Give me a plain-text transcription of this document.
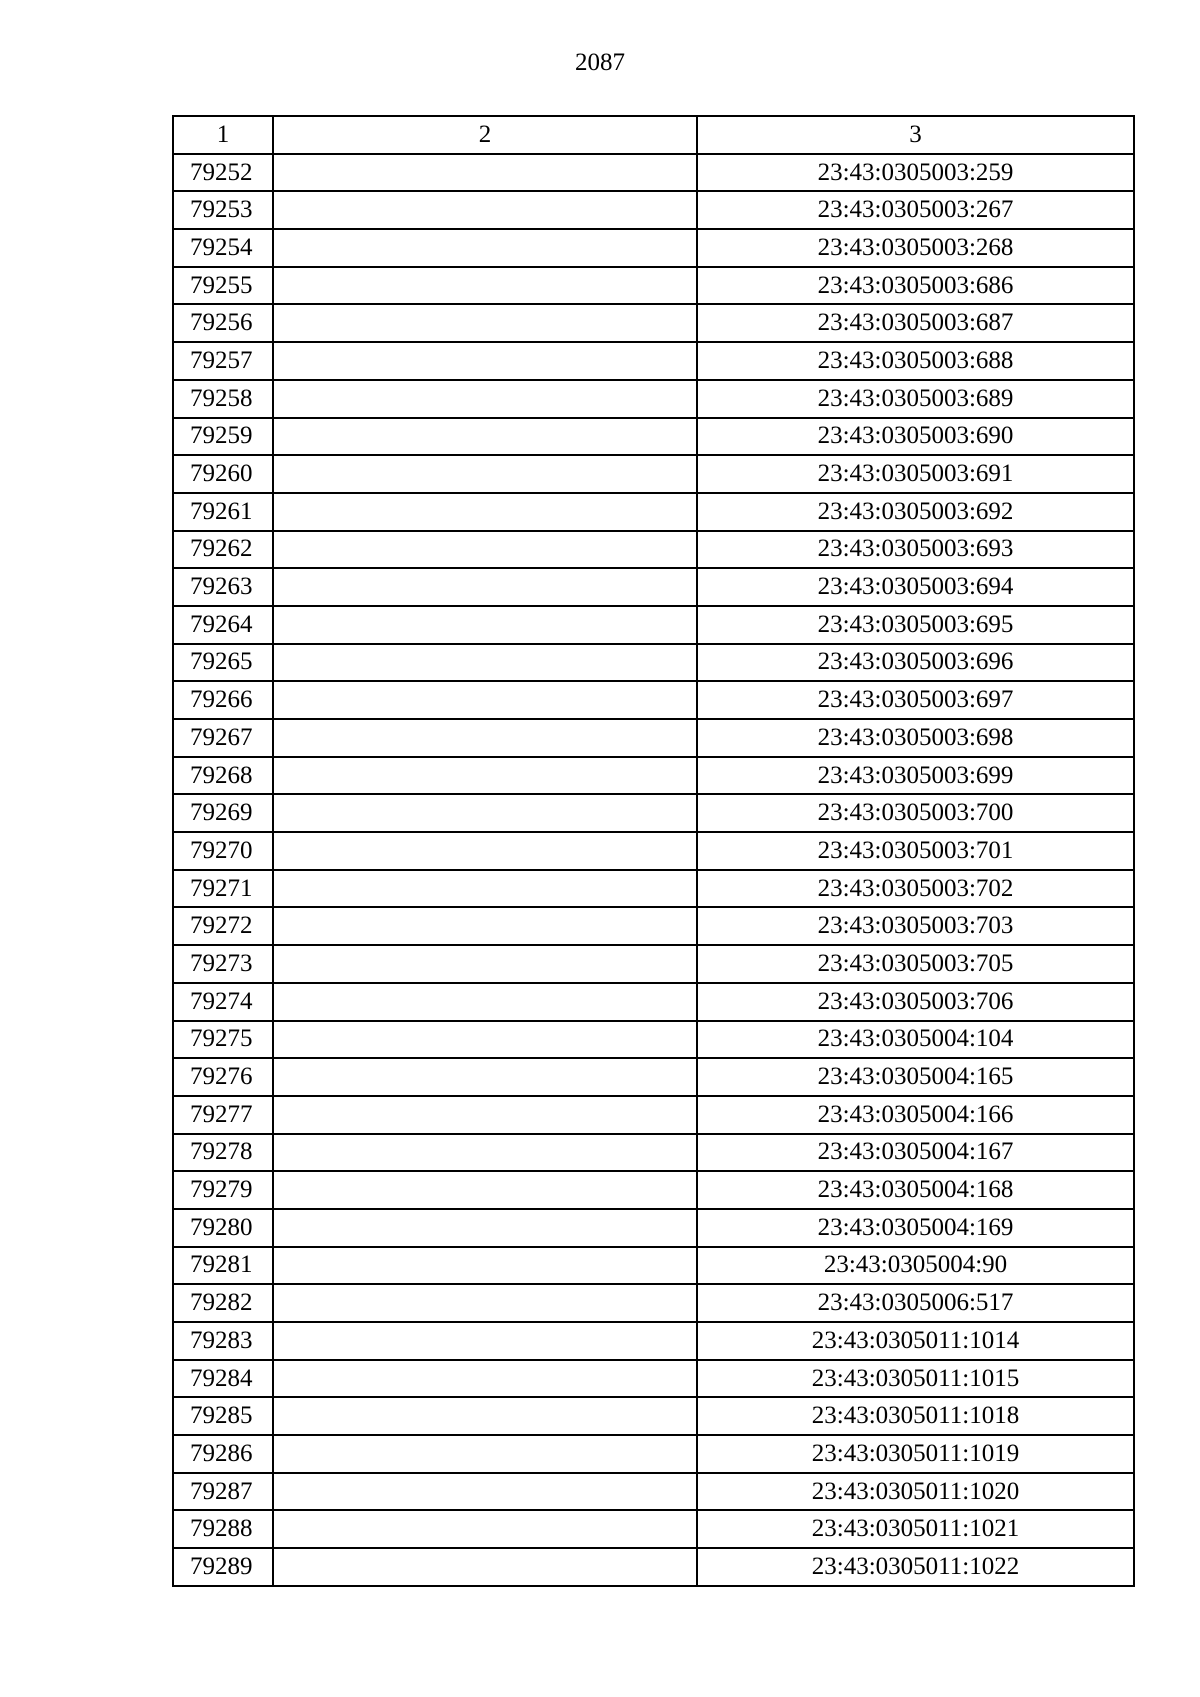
2087
1	2	3
79252		23:43:0305003:259
79253		23:43:0305003:267
79254		23:43:0305003:268
79255		23:43:0305003:686
79256		23:43:0305003:687
79257		23:43:0305003:688
79258		23:43:0305003:689
79259		23:43:0305003:690
79260		23:43:0305003:691
79261		23:43:0305003:692
79262		23:43:0305003:693
79263		23:43:0305003:694
79264		23:43:0305003:695
79265		23:43:0305003:696
79266		23:43:0305003:697
79267		23:43:0305003:698
79268		23:43:0305003:699
79269		23:43:0305003:700
79270		23:43:0305003:701
79271		23:43:0305003:702
79272		23:43:0305003:703
79273		23:43:0305003:705
79274		23:43:0305003:706
79275		23:43:0305004:104
79276		23:43:0305004:165
79277		23:43:0305004:166
79278		23:43:0305004:167
79279		23:43:0305004:168
79280		23:43:0305004:169
79281		23:43:0305004:90
79282		23:43:0305006:517
79283		23:43:0305011:1014
79284		23:43:0305011:1015
79285		23:43:0305011:1018
79286		23:43:0305011:1019
79287		23:43:0305011:1020
79288		23:43:0305011:1021
79289		23:43:0305011:1022
